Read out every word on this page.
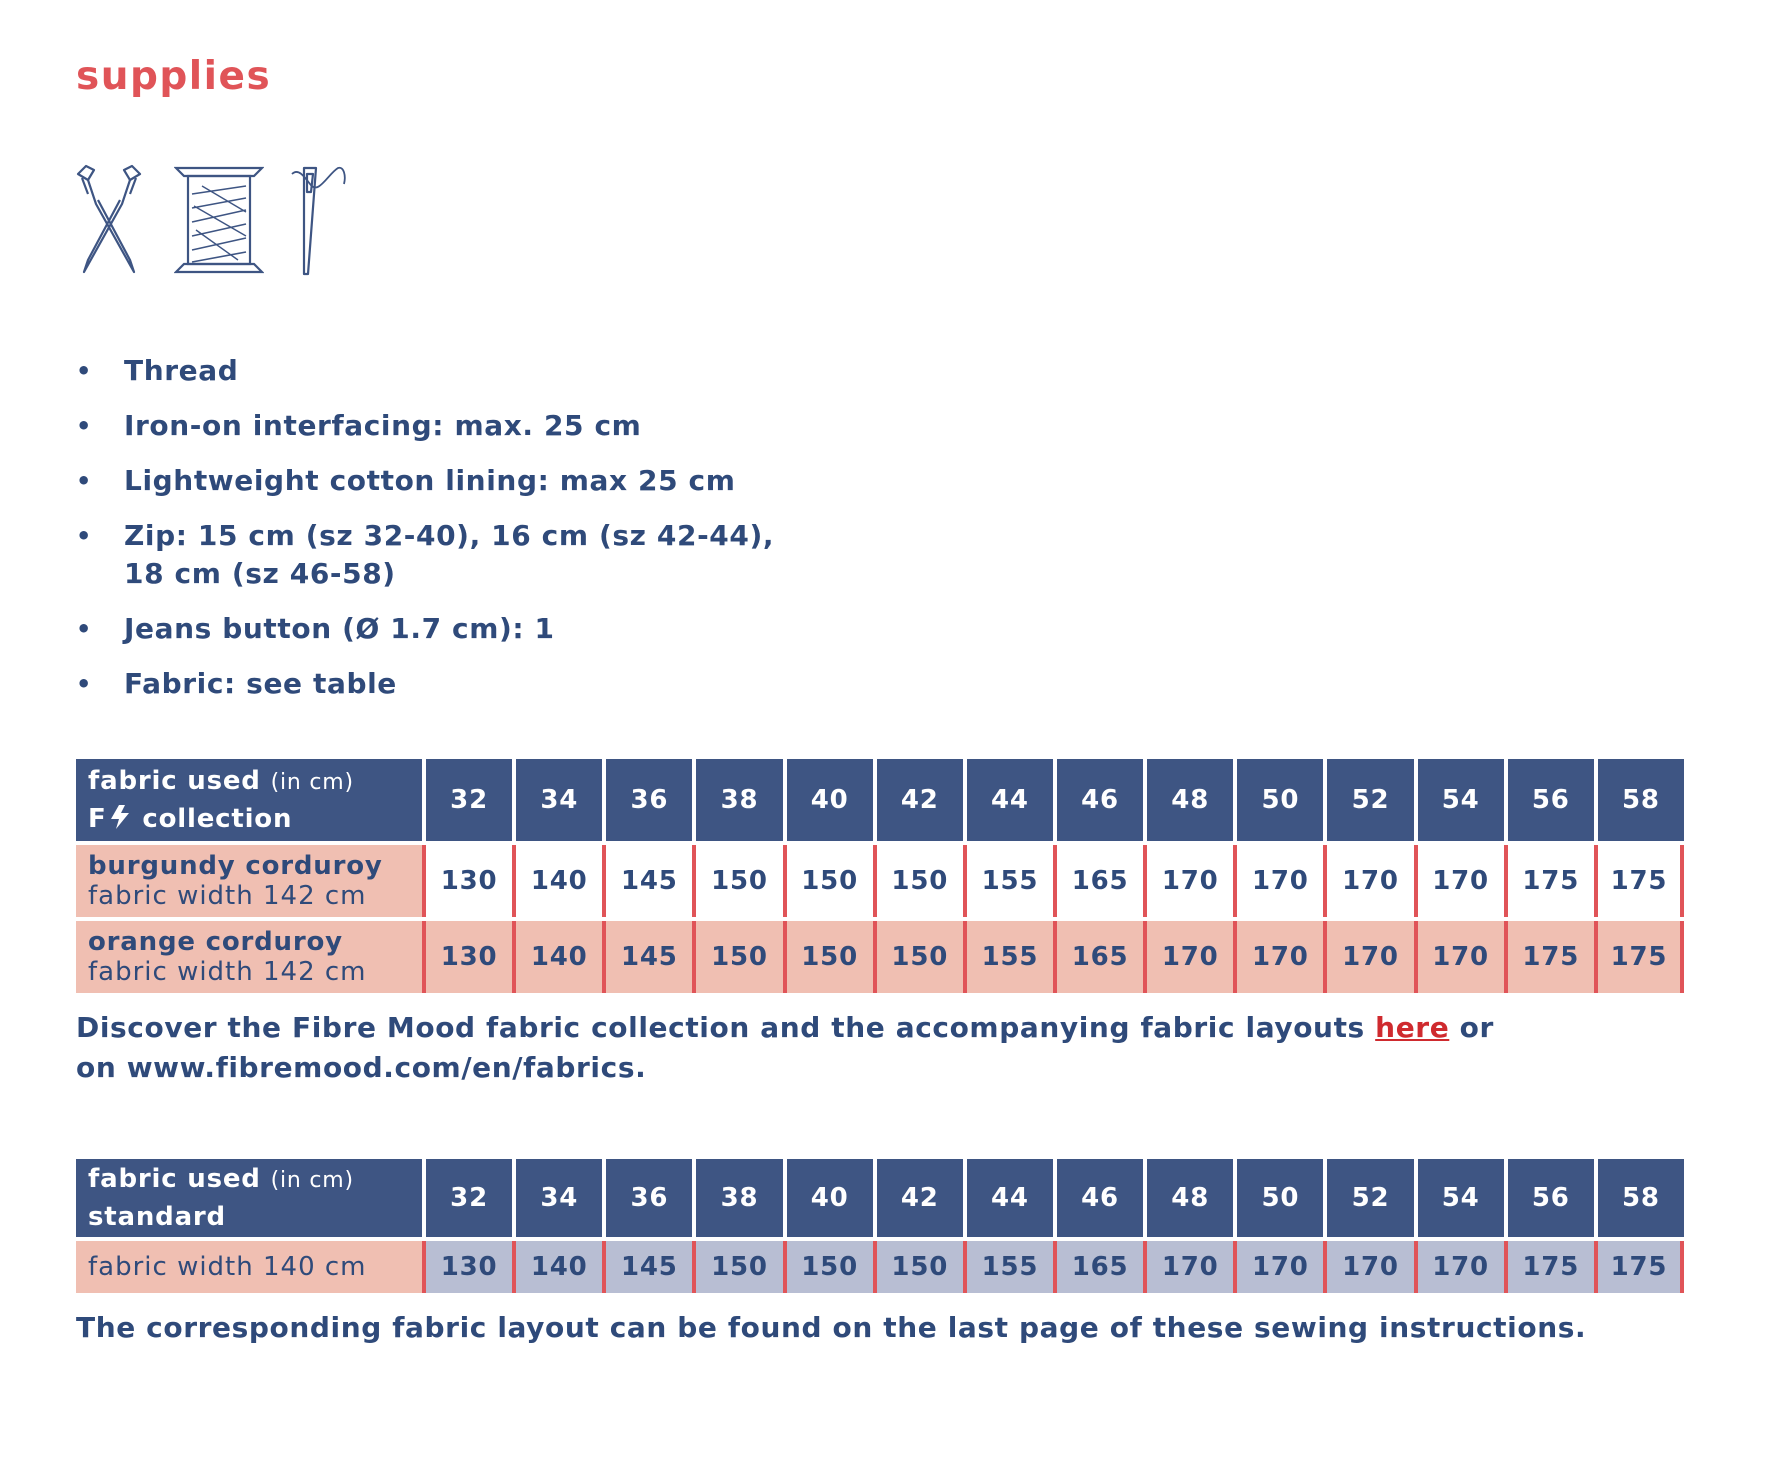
supplies
• Thread
• Iron-on interfacing: max. 25 cm
• Lightweight cotton lining: max 25 cm
• Zip: 15 cm (sz 32-40), 16 cm (sz 42-44),
18 cm (sz 46-58)
• Jeans button (Ø 1.7 cm): 1
• Fabric: see table
fabric used (in cm)
F collection	32	34	36	38	40	42	44	46	48	50	52	54	56	58

burgundy corduroy
fabric width 142 cm	130	140	145	150	150	150	155	165	170	170	170	170	175	175

orange corduroy
fabric width 142 cm	130	140	145	150	150	150	155	165	170	170	170	170	175	175
Discover the Fibre Mood fabric collection and the accompanying fabric layouts here or
on www.fibremood.com/en/fabrics.
fabric used (in cm)
standard	32	34	36	38	40	42	44	46	48	50	52	54	56	58

fabric width 140 cm	130	140	145	150	150	150	155	165	170	170	170	170	175	175
The corresponding fabric layout can be found on the last page of these sewing instructions.
